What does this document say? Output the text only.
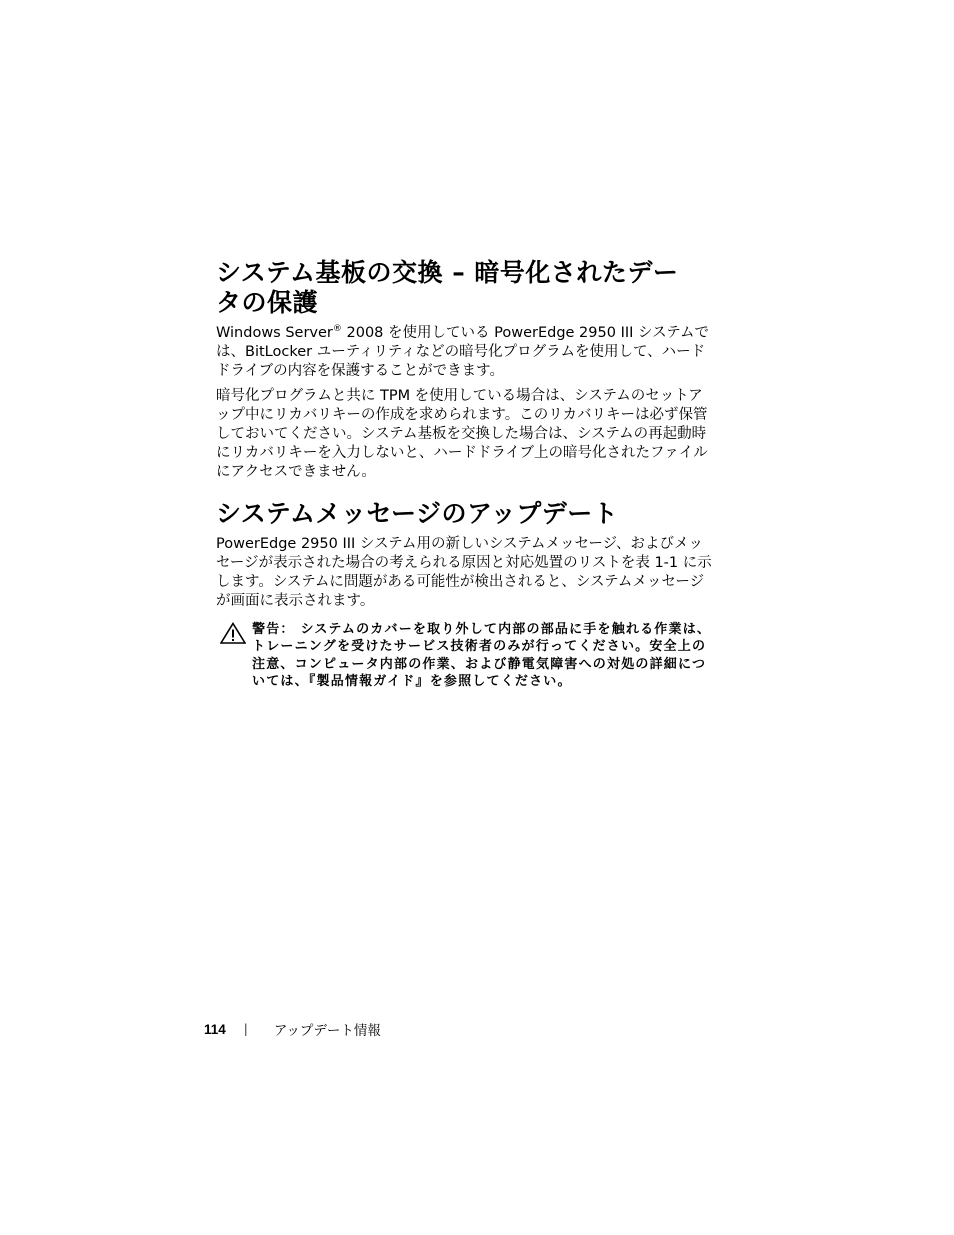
システム基板の交換 – 暗号化されたデー
タの保護

Windows Server® 2008 を使用している PowerEdge 2950 III システムでは、BitLocker ユーティリティなどの暗号化プログラムを使用して、ハードドライブの内容を保護することができます。

暗号化プログラムと共に TPM を使用している場合は、システムのセットアップ中にリカバリキーの作成を求められます。このリカバリキーは必ず保管しておいてください。システム基板を交換した場合は、システムの再起動時にリカバリキーを入力しないと、ハードドライブ上の暗号化されたファイルにアクセスできません。

システムメッセージのアップデート

PowerEdge 2950 III システム用の新しいシステムメッセージ、およびメッセージが表示された場合の考えられる原因と対応処置のリストを表 1-1 に示します。システムに問題がある可能性が検出されると、システムメッセージが画面に表示されます。

警告： システムのカバーを取り外して内部の部品に手を触れる作業は、トレーニングを受けたサービス技術者のみが行ってください。安全上の注意、コンピュータ内部の作業、および静電気障害への対処の詳細については、『製品情報ガイド』を参照してください。
114 | アップデート情報
